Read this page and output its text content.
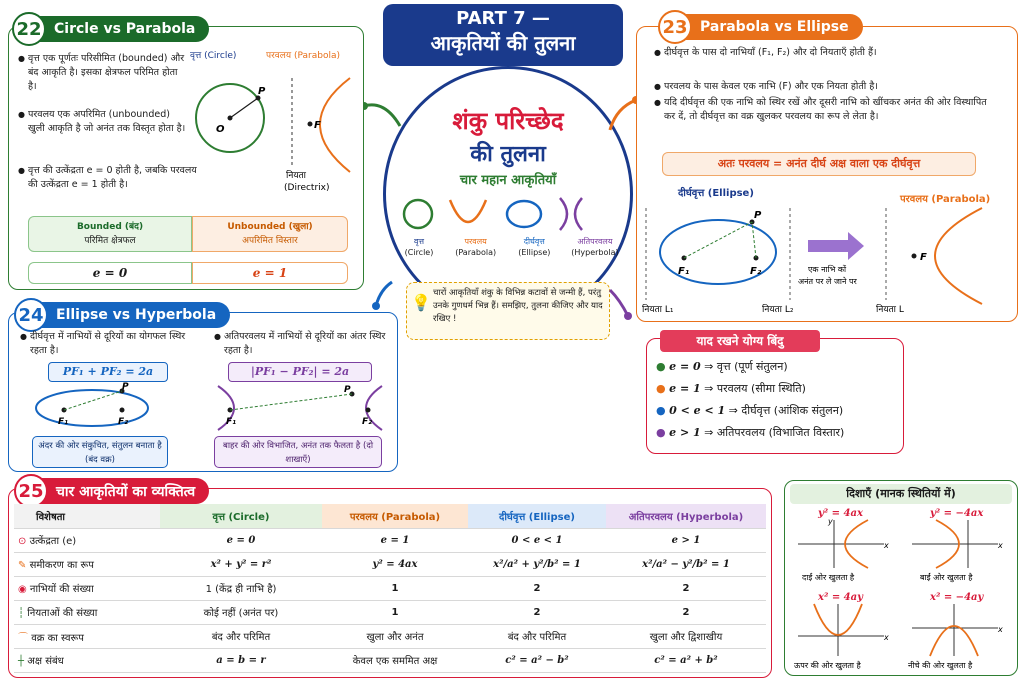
PART 7 —
आकृतियों की तुलना
शंकु परिच्छेद
की तुलना
चार महान आकृतियाँ
वृत्त
(Circle)
परवलय
(Parabola)
दीर्घवृत्त
(Ellipse)
अतिपरवलय
(Hyperbola)
💡 चारों आकृतियाँ शंकु के विभिन्न कटावों से जन्मी हैं, परंतु उनके गुणधर्म भिन्न हैं। समझिए, तुलना कीजिए और याद रखिए !
22 Circle vs Parabola
● वृत्त एक पूर्णतः परिसीमित (bounded) और बंद आकृति है। इसका क्षेत्रफल परिमित होता है।
● परवलय एक अपरिमित (unbounded) खुली आकृति है जो अनंत तक विस्तृत होता है।
● वृत्त की उत्केंद्रता e = 0 होती है, जबकि परवलय की उत्केंद्रता e = 1 होती है।
वृत्त (Circle)	परवलय (Parabola)
P
O	F
नियता
(Directrix)
Bounded (बंद)
परिमित क्षेत्रफल
Unbounded (खुला)
अपरिमित विस्तार
e = 0	e = 1
23 Parabola vs Ellipse
● दीर्घवृत्त के पास दो नाभियाँ (F₁, F₂) और दो नियताएँ होती हैं।
● परवलय के पास केवल एक नाभि (F) और एक नियता होती है।
● यदि दीर्घवृत्त की एक नाभि को स्थिर रखें और दूसरी नाभि को खींचकर अनंत की ओर विस्थापित कर दें, तो दीर्घवृत्त का वक्र खुलकर परवलय का रूप ले लेता है।
अतः परवलय = अनंत दीर्घ अक्ष वाला एक दीर्घवृत्त
दीर्घवृत्त (Ellipse)
परवलय (Parabola)
F₁	F₂
P
एक नाभि कों
अनंत पर ले जाने पर
F
नियता L₁	नियता L₂	नियता L
24 Ellipse vs Hyperbola
● दीर्घवृत्त में नाभियों से दूरियों का योगफल स्थिर रहता है।
● अतिपरवलय में नाभियों से दूरियों का अंतर स्थिर रहता है।
PF₁ + PF₂ = 2a	|PF₁ − PF₂| = 2a
P
F₁	F₂
P
F₁	F₂
अंदर की ओर संकुचित, संतुलन बनाता है (बंद वक्र)
बाहर की ओर विभाजित, अनंत तक फैलता है (दो शाखाएँ)
याद रखने योग्य बिंदु
● e = 0 ⇒ वृत्त (पूर्ण संतुलन)
● e = 1 ⇒ परवलय (सीमा स्थिति)
● 0 < e < 1 ⇒ दीर्घवृत्त (आंशिक संतुलन)
● e > 1 ⇒ अतिपरवलय (विभाजित विस्तार)
25 चार आकृतियों का व्यक्तित्व
विशेषता	वृत्त (Circle)	परवलय (Parabola)	दीर्घवृत्त (Ellipse)	अतिपरवलय (Hyperbola)
⊙ उत्केंद्रता (e)	e = 0	e = 1	0 < e < 1	e > 1
✎ समीकरण का रूप	x² + y² = r²	y² = 4ax	x²/a² + y²/b² = 1	x²/a² − y²/b² = 1
◉ नाभियों की संख्या	1 (केंद्र ही नाभि है)	1	2	2
┆ नियताओं की संख्या	कोई नहीं (अनंत पर)	1	2	2
⌒ वक्र का स्वरूप	बंद और परिमित	खुला और अनंत	बंद और परिमित	खुला और द्विशाखीय
┼ अक्ष संबंध	a = b = r	केवल एक सममित अक्ष	c² = a² − b²	c² = a² + b²
दिशाएँ (मानक स्थितियों में)
y² = 4ax
x
y
दाईं ओर खुलता है
y² = −4ax
x
बाईं ओर खुलता है
x² = 4ay
x
ऊपर की ओर खुलता है
x² = −4ay
x
नीचे की ओर खुलता है
